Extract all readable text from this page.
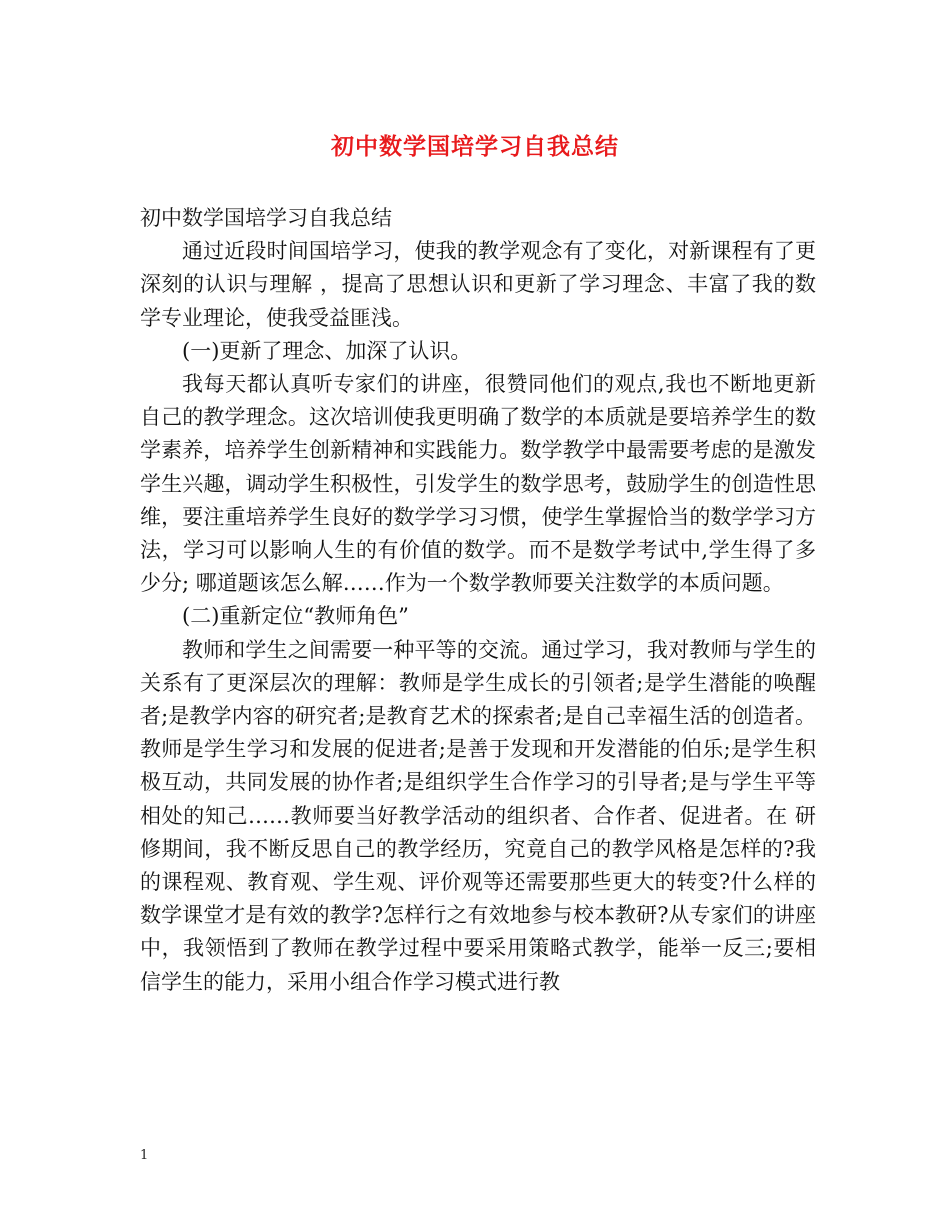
初中数学国培学习自我总结

初中数学国培学习自我总结

通过近段时间国培学习，使我的教学观念有了变化，对新课程有了更深刻的认识与理解 ，提高了思想认识和更新了学习理念、丰富了我的数学专业理论，使我受益匪浅。

(一)更新了理念、加深了认识。

我每天都认真听专家们的讲座，很赞同他们的观点,我也不断地更新自己的教学理念。这次培训使我更明确了数学的本质就是要培养学生的数学素养，培养学生创新精神和实践能力。数学教学中最需要考虑的是激发学生兴趣，调动学生积极性，引发学生的数学思考，鼓励学生的创造性思维，要注重培养学生良好的数学学习习惯，使学生掌握恰当的数学学习方法，学习可以影响人生的有价值的数学。而不是数学考试中,学生得了多少分; 哪道题该怎么解……作为一个数学教师要关注数学的本质问题。

(二)重新定位“教师角色”

教师和学生之间需要一种平等的交流。通过学习，我对教师与学生的关系有了更深层次的理解：教师是学生成长的引领者;是学生潜能的唤醒者;是教学内容的研究者;是教育艺术的探索者;是自己幸福生活的创造者。教师是学生学习和发展的促进者;是善于发现和开发潜能的伯乐;是学生积极互动，共同发展的协作者;是组织学生合作学习的引导者;是与学生平等相处的知己……教师要当好教学活动的组织者、合作者、促进者。在 研修期间，我不断反思自己的教学经历，究竟自己的教学风格是怎样的?我的课程观、教育观、学生观、评价观等还需要那些更大的转变?什么样的数学课堂才是有效的教学?怎样行之有效地参与校本教研?从专家们的讲座中，我领悟到了教师在教学过程中要采用策略式教学，能举一反三;要相信学生的能力，采用小组合作学习模式进行教

1
